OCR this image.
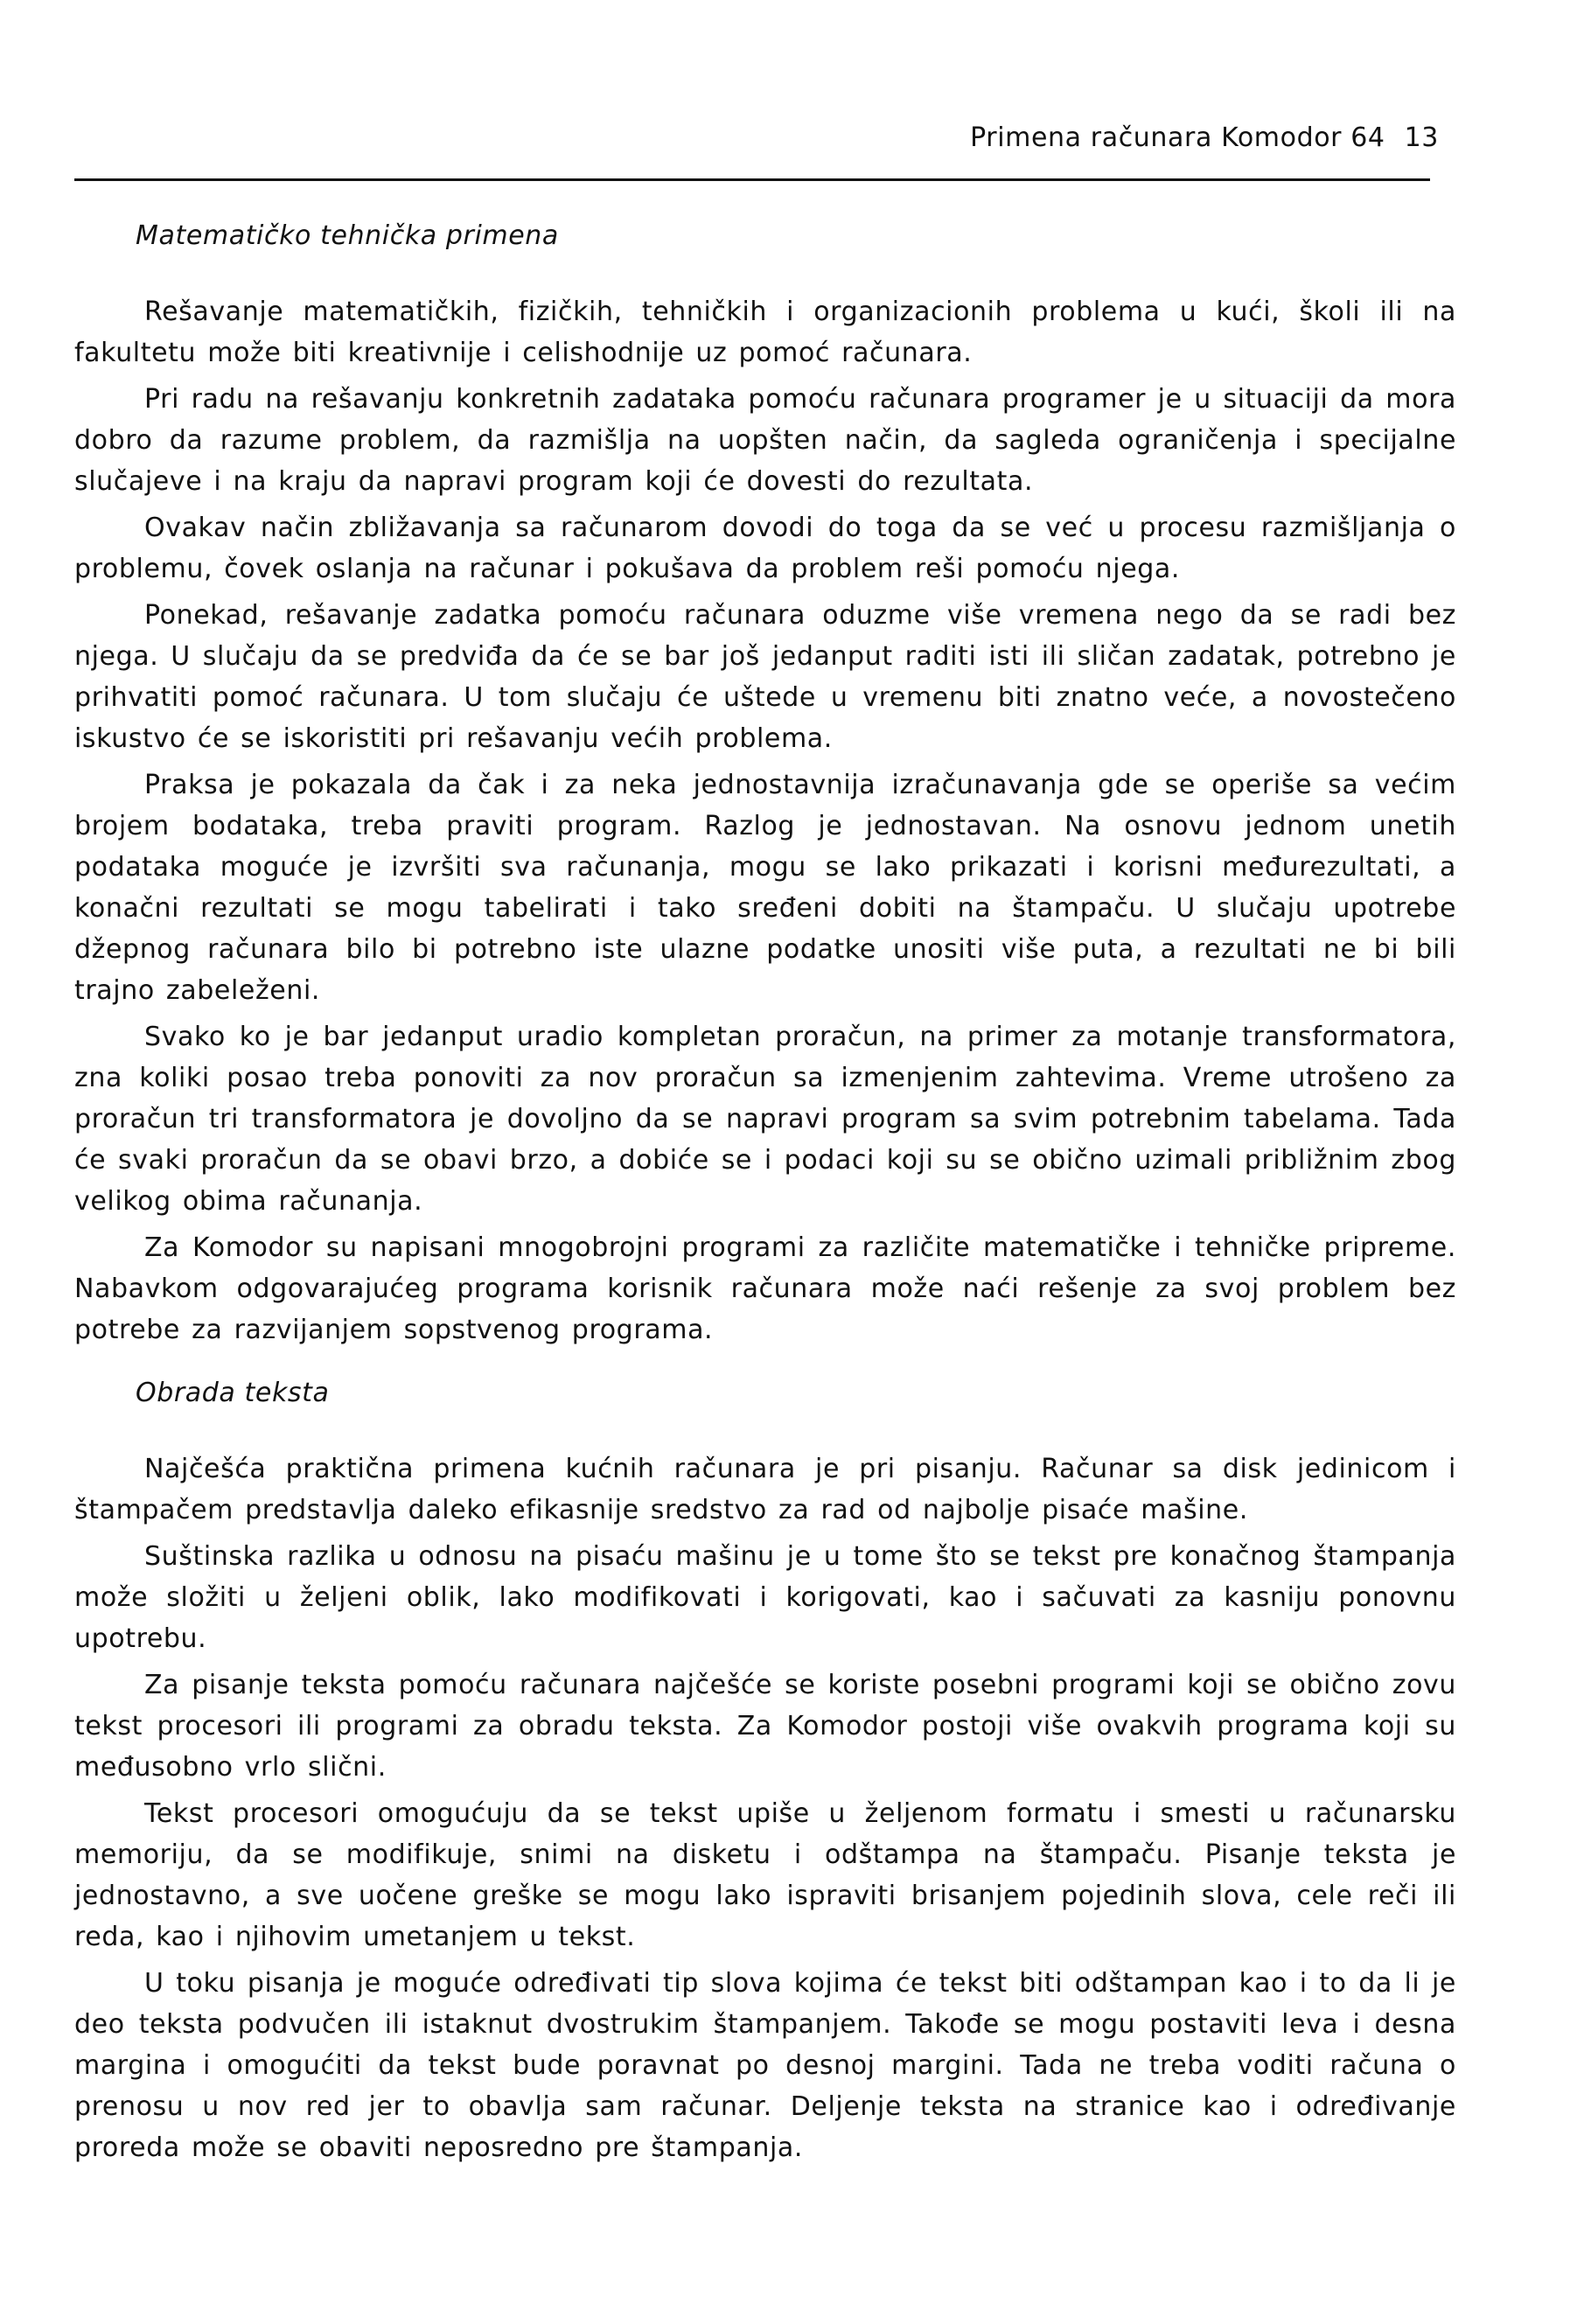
Primena računara Komodor 64 13
Matematičko tehnička primena

Rešavanje matematičkih, fizičkih, tehničkih i organizacionih problema u kući, školi ili na fakultetu može biti kreativnije i celishodnije uz pomoć računara.

Pri radu na rešavanju konkretnih zadataka pomoću računara programer je u situaciji da mora dobro da razume problem, da razmišlja na uopšten način, da sagleda ograničenja i specijalne slučajeve i na kraju da napravi program koji će dovesti do rezultata.

Ovakav način zbližavanja sa računarom dovodi do toga da se već u procesu razmišljanja o problemu, čovek oslanja na računar i pokušava da problem reši pomoću njega.

Ponekad, rešavanje zadatka pomoću računara oduzme više vremena nego da se radi bez njega. U slučaju da se predviđa da će se bar još jedanput raditi isti ili sličan zadatak, potrebno je prihvatiti pomoć računara. U tom slučaju će uštede u vremenu biti znatno veće, a novostečeno iskustvo će se iskoristiti pri rešavanju većih problema.

Praksa je pokazala da čak i za neka jednostavnija izračunavanja gde se operiše sa većim brojem bodataka, treba praviti program. Razlog je jednostavan. Na osnovu jednom unetih podataka moguće je izvršiti sva računanja, mogu se lako prikazati i korisni međurezultati, a konačni rezultati se mogu tabelirati i tako sređeni dobiti na štampaču. U slučaju upotrebe džepnog računara bilo bi potrebno iste ulazne podatke unositi više puta, a rezultati ne bi bili trajno zabeleženi.

Svako ko je bar jedanput uradio kompletan proračun, na primer za motanje transformatora, zna koliki posao treba ponoviti za nov proračun sa izmenjenim zahtevima. Vreme utrošeno za proračun tri transformatora je dovoljno da se napravi program sa svim potrebnim tabelama. Tada će svaki proračun da se obavi brzo, a dobiće se i podaci koji su se obično uzimali približnim zbog velikog obima računanja.

Za Komodor su napisani mnogobrojni programi za različite matematičke i tehničke pripreme. Nabavkom odgovarajućeg programa korisnik računara može naći rešenje za svoj problem bez potrebe za razvijanjem sopstvenog programa.

Obrada teksta

Najčešća praktična primena kućnih računara je pri pisanju. Računar sa disk jedinicom i štampačem predstavlja daleko efikasnije sredstvo za rad od najbolje pisaće mašine.

Suštinska razlika u odnosu na pisaću mašinu je u tome što se tekst pre konačnog štampanja može složiti u željeni oblik, lako modifikovati i korigovati, kao i sačuvati za kasniju ponovnu upotrebu.

Za pisanje teksta pomoću računara najčešće se koriste posebni programi koji se obično zovu tekst procesori ili programi za obradu teksta. Za Komodor postoji više ovakvih programa koji su međusobno vrlo slični.

Tekst procesori omogućuju da se tekst upiše u željenom formatu i smesti u računarsku memoriju, da se modifikuje, snimi na disketu i odštampa na štampaču. Pisanje teksta je jednostavno, a sve uočene greške se mogu lako ispraviti brisanjem pojedinih slova, cele reči ili reda, kao i njihovim umetanjem u tekst.

U toku pisanja je moguće određivati tip slova kojima će tekst biti odštampan kao i to da li je deo teksta podvučen ili istaknut dvostrukim štampanjem. Takođe se mogu postaviti leva i desna margina i omogućiti da tekst bude poravnat po desnoj margini. Tada ne treba voditi računa o prenosu u nov red jer to obavlja sam računar. Deljenje teksta na stranice kao i određivanje proreda može se obaviti neposredno pre štampanja.
